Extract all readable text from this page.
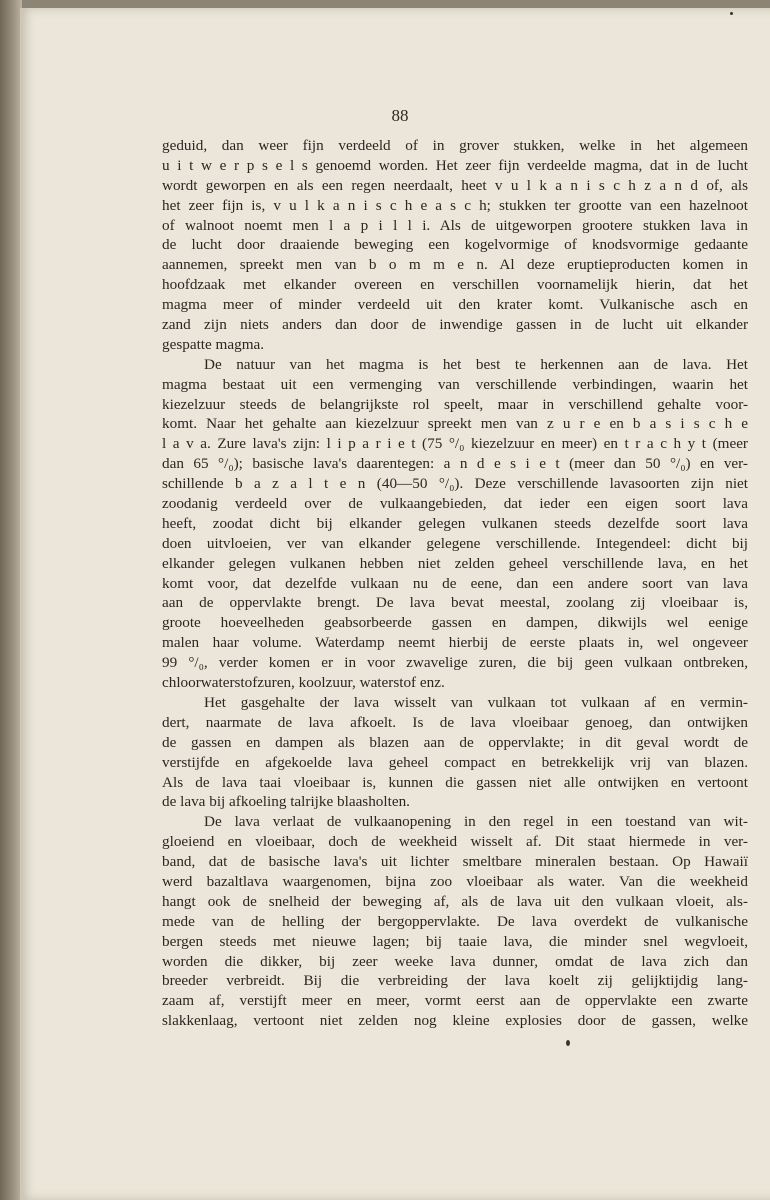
88
geduid, dan weer fijn verdeeld of in grover stukken, welke in het algemeen
u i t w e r p s e l s genoemd worden. Het zeer fijn verdeelde magma, dat in de lucht
wordt geworpen en als een regen neerdaalt, heet v u l k a n i s c h z a n d of, als
het zeer fijn is, v u l k a n i s c h e a s c h; stukken ter grootte van een hazelnoot
of walnoot noemt men l a p i l l i. Als de uitgeworpen grootere stukken lava in
de lucht door draaiende beweging een kogelvormige of knodsvormige gedaante
aannemen, spreekt men van b o m m e n. Al deze eruptieproducten komen in
hoofdzaak met elkander overeen en verschillen voornamelijk hierin, dat het
magma meer of minder verdeeld uit den krater komt. Vulkanische asch en
zand zijn niets anders dan door de inwendige gassen in de lucht uit elkander
gespatte magma.
De natuur van het magma is het best te herkennen aan de lava. Het
magma bestaat uit een vermenging van verschillende verbindingen, waarin het
kiezelzuur steeds de belangrijkste rol speelt, maar in verschillend gehalte voor-
komt. Naar het gehalte aan kiezelzuur spreekt men van z u r e en b a s i s c h e
l a v a. Zure lava's zijn: l i p a r i e t (75 °/₀ kiezelzuur en meer) en t r a c h y t (meer
dan 65 °/₀); basische lava's daarentegen: a n d e s i e t (meer dan 50 °/₀) en ver-
schillende b a z a l t e n (40—50 °/₀). Deze verschillende lavasoorten zijn niet
zoodanig verdeeld over de vulkaangebieden, dat ieder een eigen soort lava
heeft, zoodat dicht bij elkander gelegen vulkanen steeds dezelfde soort lava
doen uitvloeien, ver van elkander gelegene verschillende. Integendeel: dicht bij
elkander gelegen vulkanen hebben niet zelden geheel verschillende lava, en het
komt voor, dat dezelfde vulkaan nu de eene, dan een andere soort van lava
aan de oppervlakte brengt. De lava bevat meestal, zoolang zij vloeibaar is,
groote hoeveelheden geabsorbeerde gassen en dampen, dikwijls wel eenige
malen haar volume. Waterdamp neemt hierbij de eerste plaats in, wel ongeveer
99 °/₀, verder komen er in voor zwavelige zuren, die bij geen vulkaan ontbreken,
chloorwaterstofzuren, koolzuur, waterstof enz.
Het gasgehalte der lava wisselt van vulkaan tot vulkaan af en vermin-
dert, naarmate de lava afkoelt. Is de lava vloeibaar genoeg, dan ontwijken
de gassen en dampen als blazen aan de oppervlakte; in dit geval wordt de
verstijfde en afgekoelde lava geheel compact en betrekkelijk vrij van blazen.
Als de lava taai vloeibaar is, kunnen die gassen niet alle ontwijken en vertoont
de lava bij afkoeling talrijke blaasholten.
De lava verlaat de vulkaanopening in den regel in een toestand van wit-
gloeiend en vloeibaar, doch de weekheid wisselt af. Dit staat hiermede in ver-
band, dat de basische lava's uit lichter smeltbare mineralen bestaan. Op Hawaiï
werd bazaltlava waargenomen, bijna zoo vloeibaar als water. Van die weekheid
hangt ook de snelheid der beweging af, als de lava uit den vulkaan vloeit, als-
mede van de helling der bergoppervlakte. De lava overdekt de vulkanische
bergen steeds met nieuwe lagen; bij taaie lava, die minder snel wegvloeit,
worden die dikker, bij zeer weeke lava dunner, omdat de lava zich dan
breeder verbreidt. Bij die verbreiding der lava koelt zij gelijktijdig lang-
zaam af, verstijft meer en meer, vormt eerst aan de oppervlakte een zwarte
slakkenlaag, vertoont niet zelden nog kleine explosies door de gassen, welke
